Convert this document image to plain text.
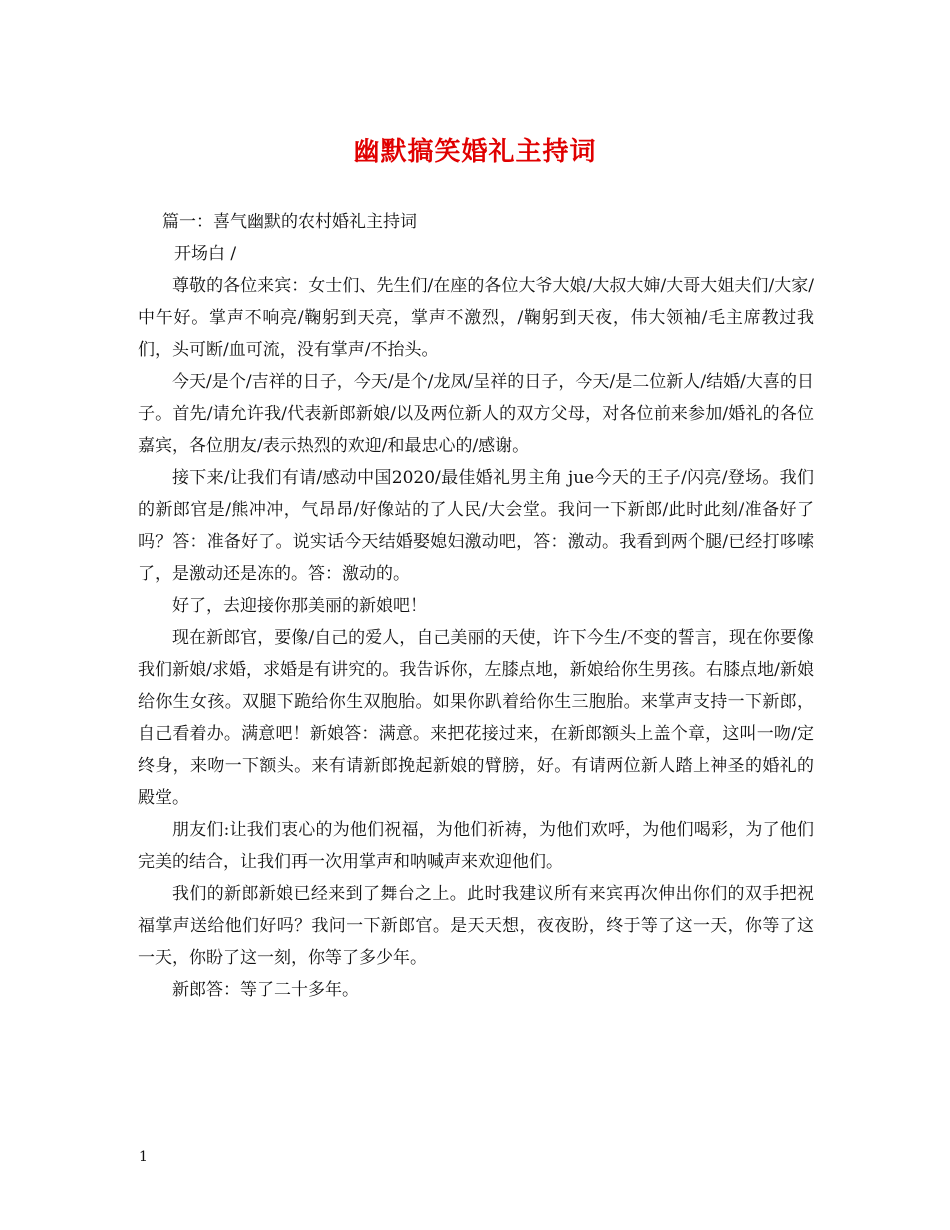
幽默搞笑婚礼主持词

篇一：喜气幽默的农村婚礼主持词

开场白 /

尊敬的各位来宾：女士们、先生们/在座的各位大爷大娘/大叔大婶/大哥大姐夫们/大家/中午好。掌声不响亮/鞠躬到天亮，掌声不激烈，/鞠躬到天夜，伟大领袖/毛主席教过我们，头可断/血可流，没有掌声/不抬头。

今天/是个/吉祥的日子，今天/是个/龙凤/呈祥的日子，今天/是二位新人/结婚/大喜的日子。首先/请允许我/代表新郎新娘/以及两位新人的双方父母，对各位前来参加/婚礼的各位嘉宾，各位朋友/表示热烈的欢迎/和最忠心的/感谢。

接下来/让我们有请/感动中国2020/最佳婚礼男主角 jue今天的王子/闪亮/登场。我们的新郎官是/熊冲冲，气昂昂/好像站的了人民/大会堂。我问一下新郎/此时此刻/准备好了吗？答：准备好了。说实话今天结婚娶媳妇激动吧，答：激动。我看到两个腿/已经打哆嗦了，是激动还是冻的。答：激动的。

好了，去迎接你那美丽的新娘吧！

现在新郎官，要像/自己的爱人，自己美丽的天使，许下今生/不变的誓言，现在你要像我们新娘/求婚，求婚是有讲究的。我告诉你，左膝点地，新娘给你生男孩。右膝点地/新娘给你生女孩。双腿下跪给你生双胞胎。如果你趴着给你生三胞胎。来掌声支持一下新郎，自己看着办。满意吧！新娘答：满意。来把花接过来，在新郎额头上盖个章，这叫一吻/定终身，来吻一下额头。来有请新郎挽起新娘的臂膀，好。有请两位新人踏上神圣的婚礼的殿堂。

朋友们:让我们衷心的为他们祝福，为他们祈祷，为他们欢呼，为他们喝彩，为了他们完美的结合，让我们再一次用掌声和呐喊声来欢迎他们。

我们的新郎新娘已经来到了舞台之上。此时我建议所有来宾再次伸出你们的双手把祝福掌声送给他们好吗？我问一下新郎官。是天天想，夜夜盼，终于等了这一天，你等了这一天，你盼了这一刻，你等了多少年。

新郎答：等了二十多年。

1
